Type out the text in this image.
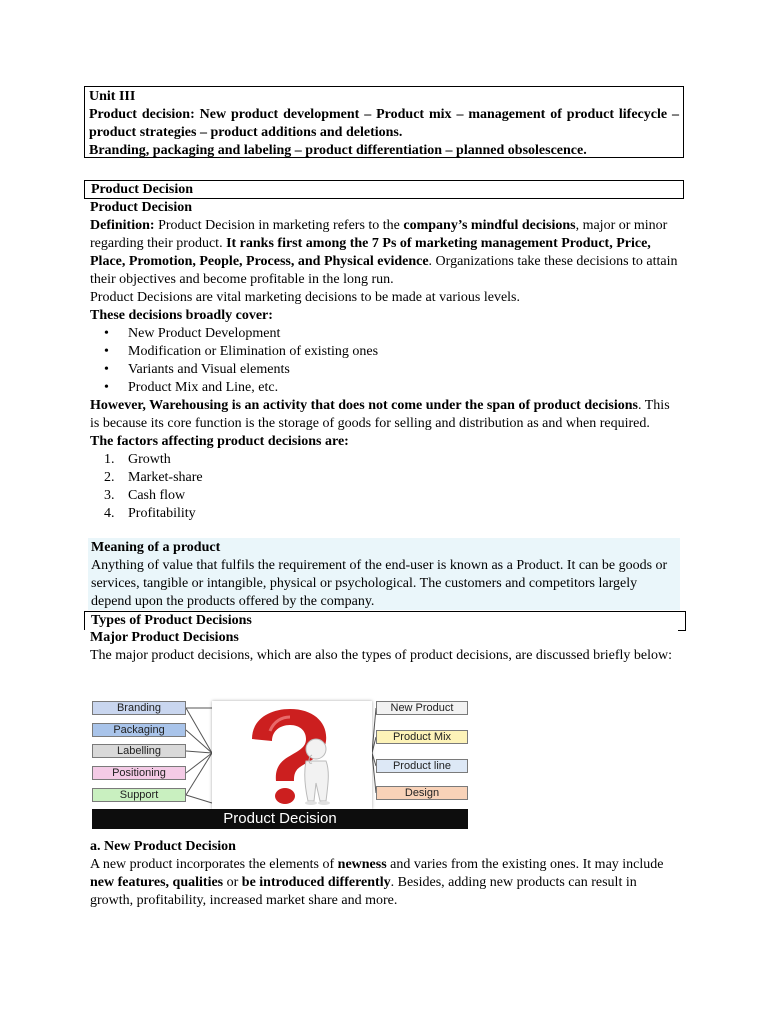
Unit III

Product decision: New product development – Product mix – management of product lifecycle –product strategies – product additions and deletions.

Branding, packaging and labeling – product differentiation – planned obsolescence.

Product Decision

Product Decision

Definition: Product Decision in marketing refers to the company’s mindful decisions, major or minor regarding their product. It ranks first among the 7 Ps of marketing management Product, Price, Place, Promotion, People, Process, and Physical evidence. Organizations take these decisions to attain their objectives and become profitable in the long run.

Product Decisions are vital marketing decisions to be made at various levels.

These decisions broadly cover:

• New Product Development
• Modification or Elimination of existing ones
• Variants and Visual elements
• Product Mix and Line, etc.

However, Warehousing is an activity that does not come under the span of product decisions. This is because its core function is the storage of goods for selling and distribution as and when required.

The factors affecting product decisions are:

1. Growth
2. Market-share
3. Cash flow
4. Profitability

Meaning of a product

Anything of value that fulfils the requirement of the end-user is known as a Product. It can be goods or services, tangible or intangible, physical or psychological. The customers and competitors largely depend upon the products offered by the company.

Types of Product Decisions

Major Product Decisions

The major product decisions, which are also the types of product decisions, are discussed briefly below:

Branding
Packaging
Labelling
Positioning
Support
New Product
Product Mix
Product line
Design
Product Decision

a. New Product Decision

A new product incorporates the elements of newness and varies from the existing ones. It may include new features, qualities or be introduced differently. Besides, adding new products can result in growth, profitability, increased market share and more.
